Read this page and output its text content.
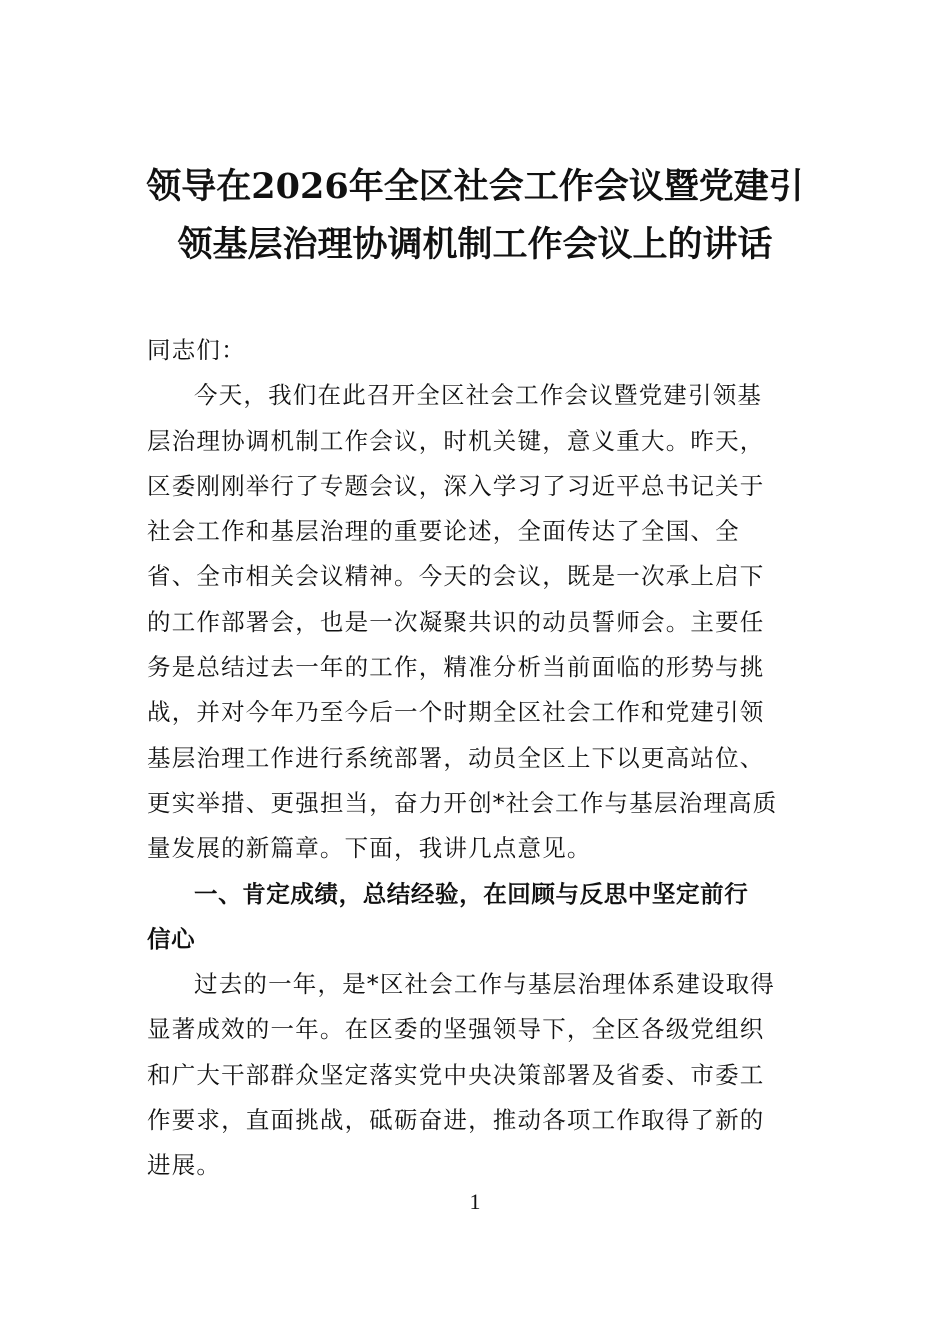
领导在2026年全区社会工作会议暨党建引
领基层治理协调机制工作会议上的讲话
同志们：
今天，我们在此召开全区社会工作会议暨党建引领基
层治理协调机制工作会议，时机关键，意义重大。昨天，
区委刚刚举行了专题会议，深入学习了习近平总书记关于
社会工作和基层治理的重要论述，全面传达了全国、全
省、全市相关会议精神。今天的会议，既是一次承上启下
的工作部署会，也是一次凝聚共识的动员誓师会。主要任
务是总结过去一年的工作，精准分析当前面临的形势与挑
战，并对今年乃至今后一个时期全区社会工作和党建引领
基层治理工作进行系统部署，动员全区上下以更高站位、
更实举措、更强担当，奋力开创*社会工作与基层治理高质
量发展的新篇章。下面，我讲几点意见。
一、肯定成绩，总结经验，在回顾与反思中坚定前行
信心
过去的一年，是*区社会工作与基层治理体系建设取得
显著成效的一年。在区委的坚强领导下，全区各级党组织
和广大干部群众坚定落实党中央决策部署及省委、市委工
作要求，直面挑战，砥砺奋进，推动各项工作取得了新的
进展。
1
